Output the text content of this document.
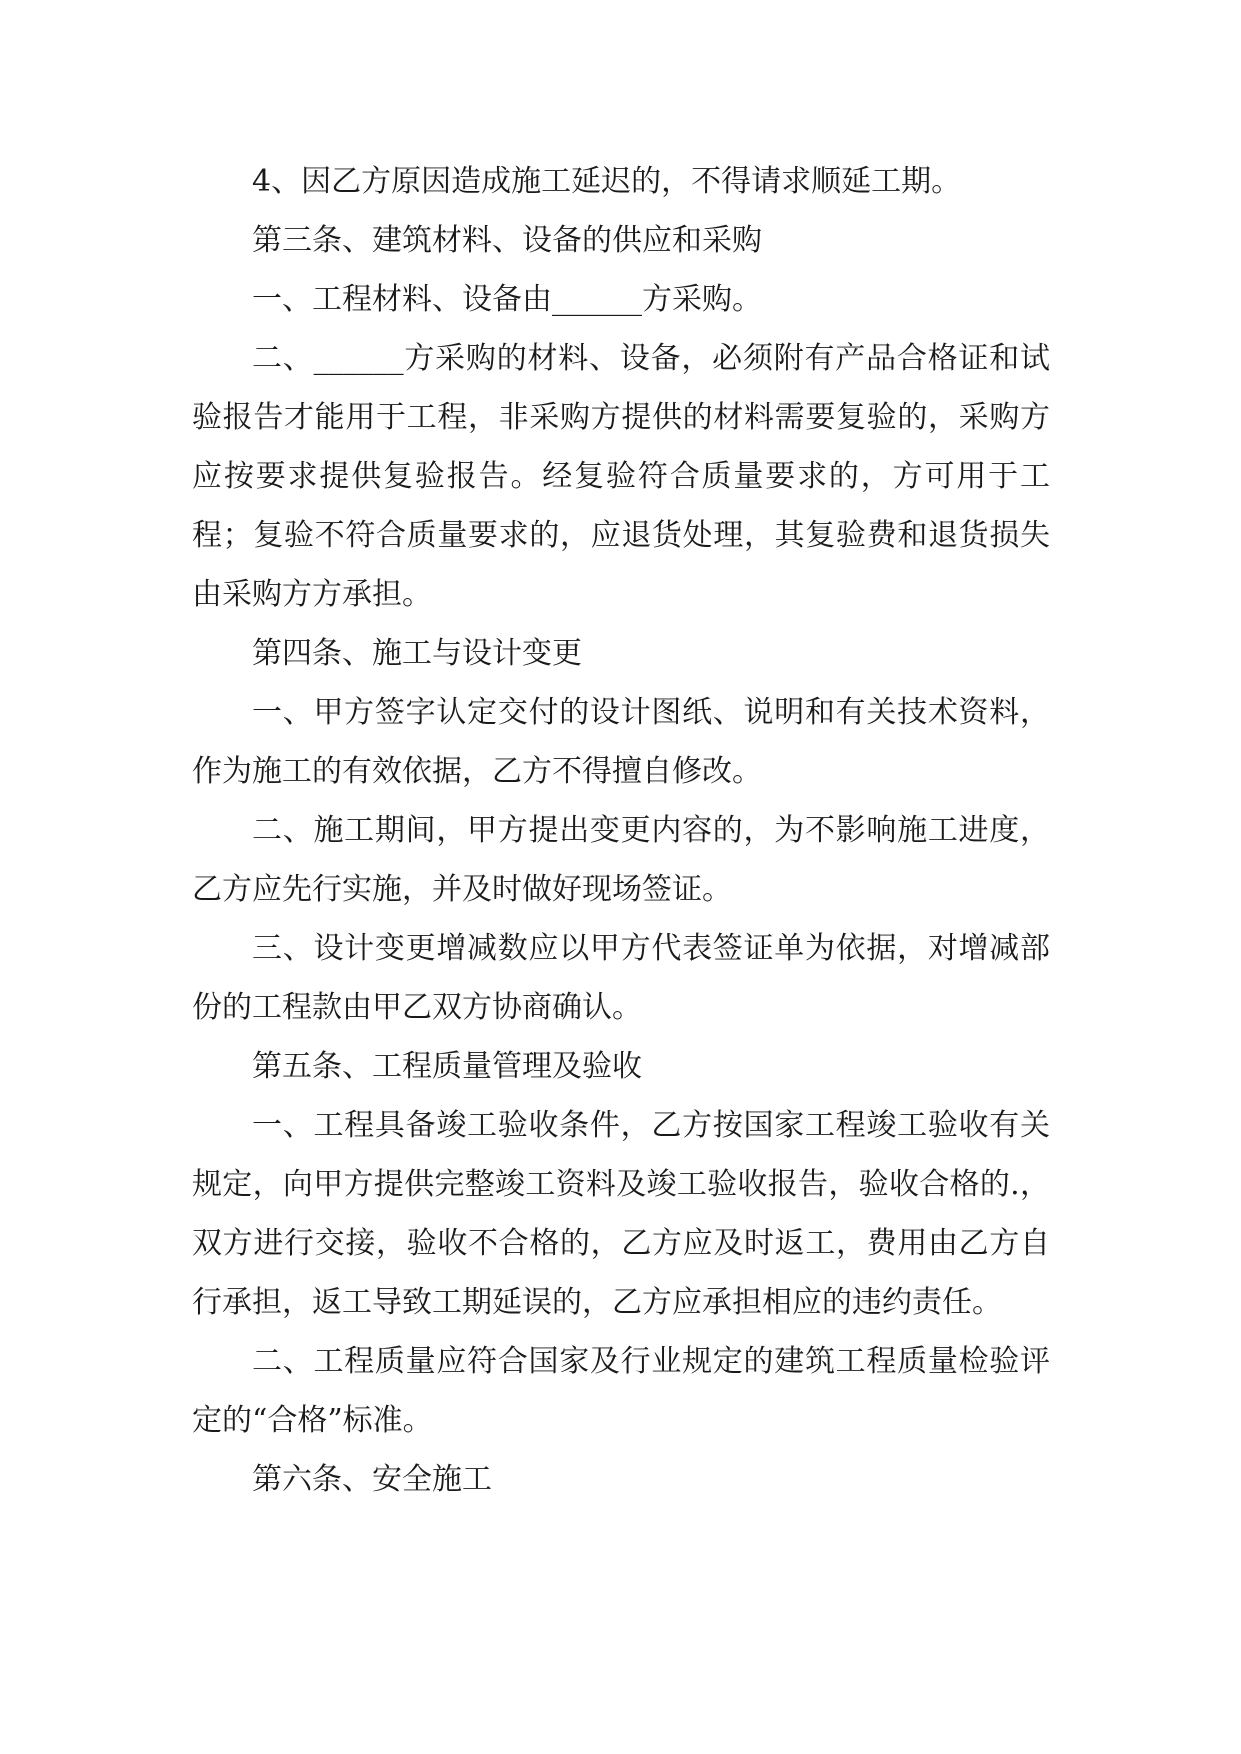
4、因乙方原因造成施工延迟的，不得请求顺延工期。

第三条、建筑材料、设备的供应和采购

一、工程材料、设备由______方采购。

二、______方采购的材料、设备，必须附有产品合格证和试验报告才能用于工程，非采购方提供的材料需要复验的，采购方应按要求提供复验报告。经复验符合质量要求的，方可用于工程；复验不符合质量要求的，应退货处理，其复验费和退货损失由采购方方承担。

第四条、施工与设计变更

一、甲方签字认定交付的设计图纸、说明和有关技术资料，作为施工的有效依据，乙方不得擅自修改。

二、施工期间，甲方提出变更内容的，为不影响施工进度，乙方应先行实施，并及时做好现场签证。

三、设计变更增减数应以甲方代表签证单为依据，对增减部份的工程款由甲乙双方协商确认。

第五条、工程质量管理及验收

一、工程具备竣工验收条件，乙方按国家工程竣工验收有关规定，向甲方提供完整竣工资料及竣工验收报告，验收合格的.，双方进行交接，验收不合格的，乙方应及时返工，费用由乙方自行承担，返工导致工期延误的，乙方应承担相应的违约责任。

二、工程质量应符合国家及行业规定的建筑工程质量检验评定的“合格”标准。

第六条、安全施工
